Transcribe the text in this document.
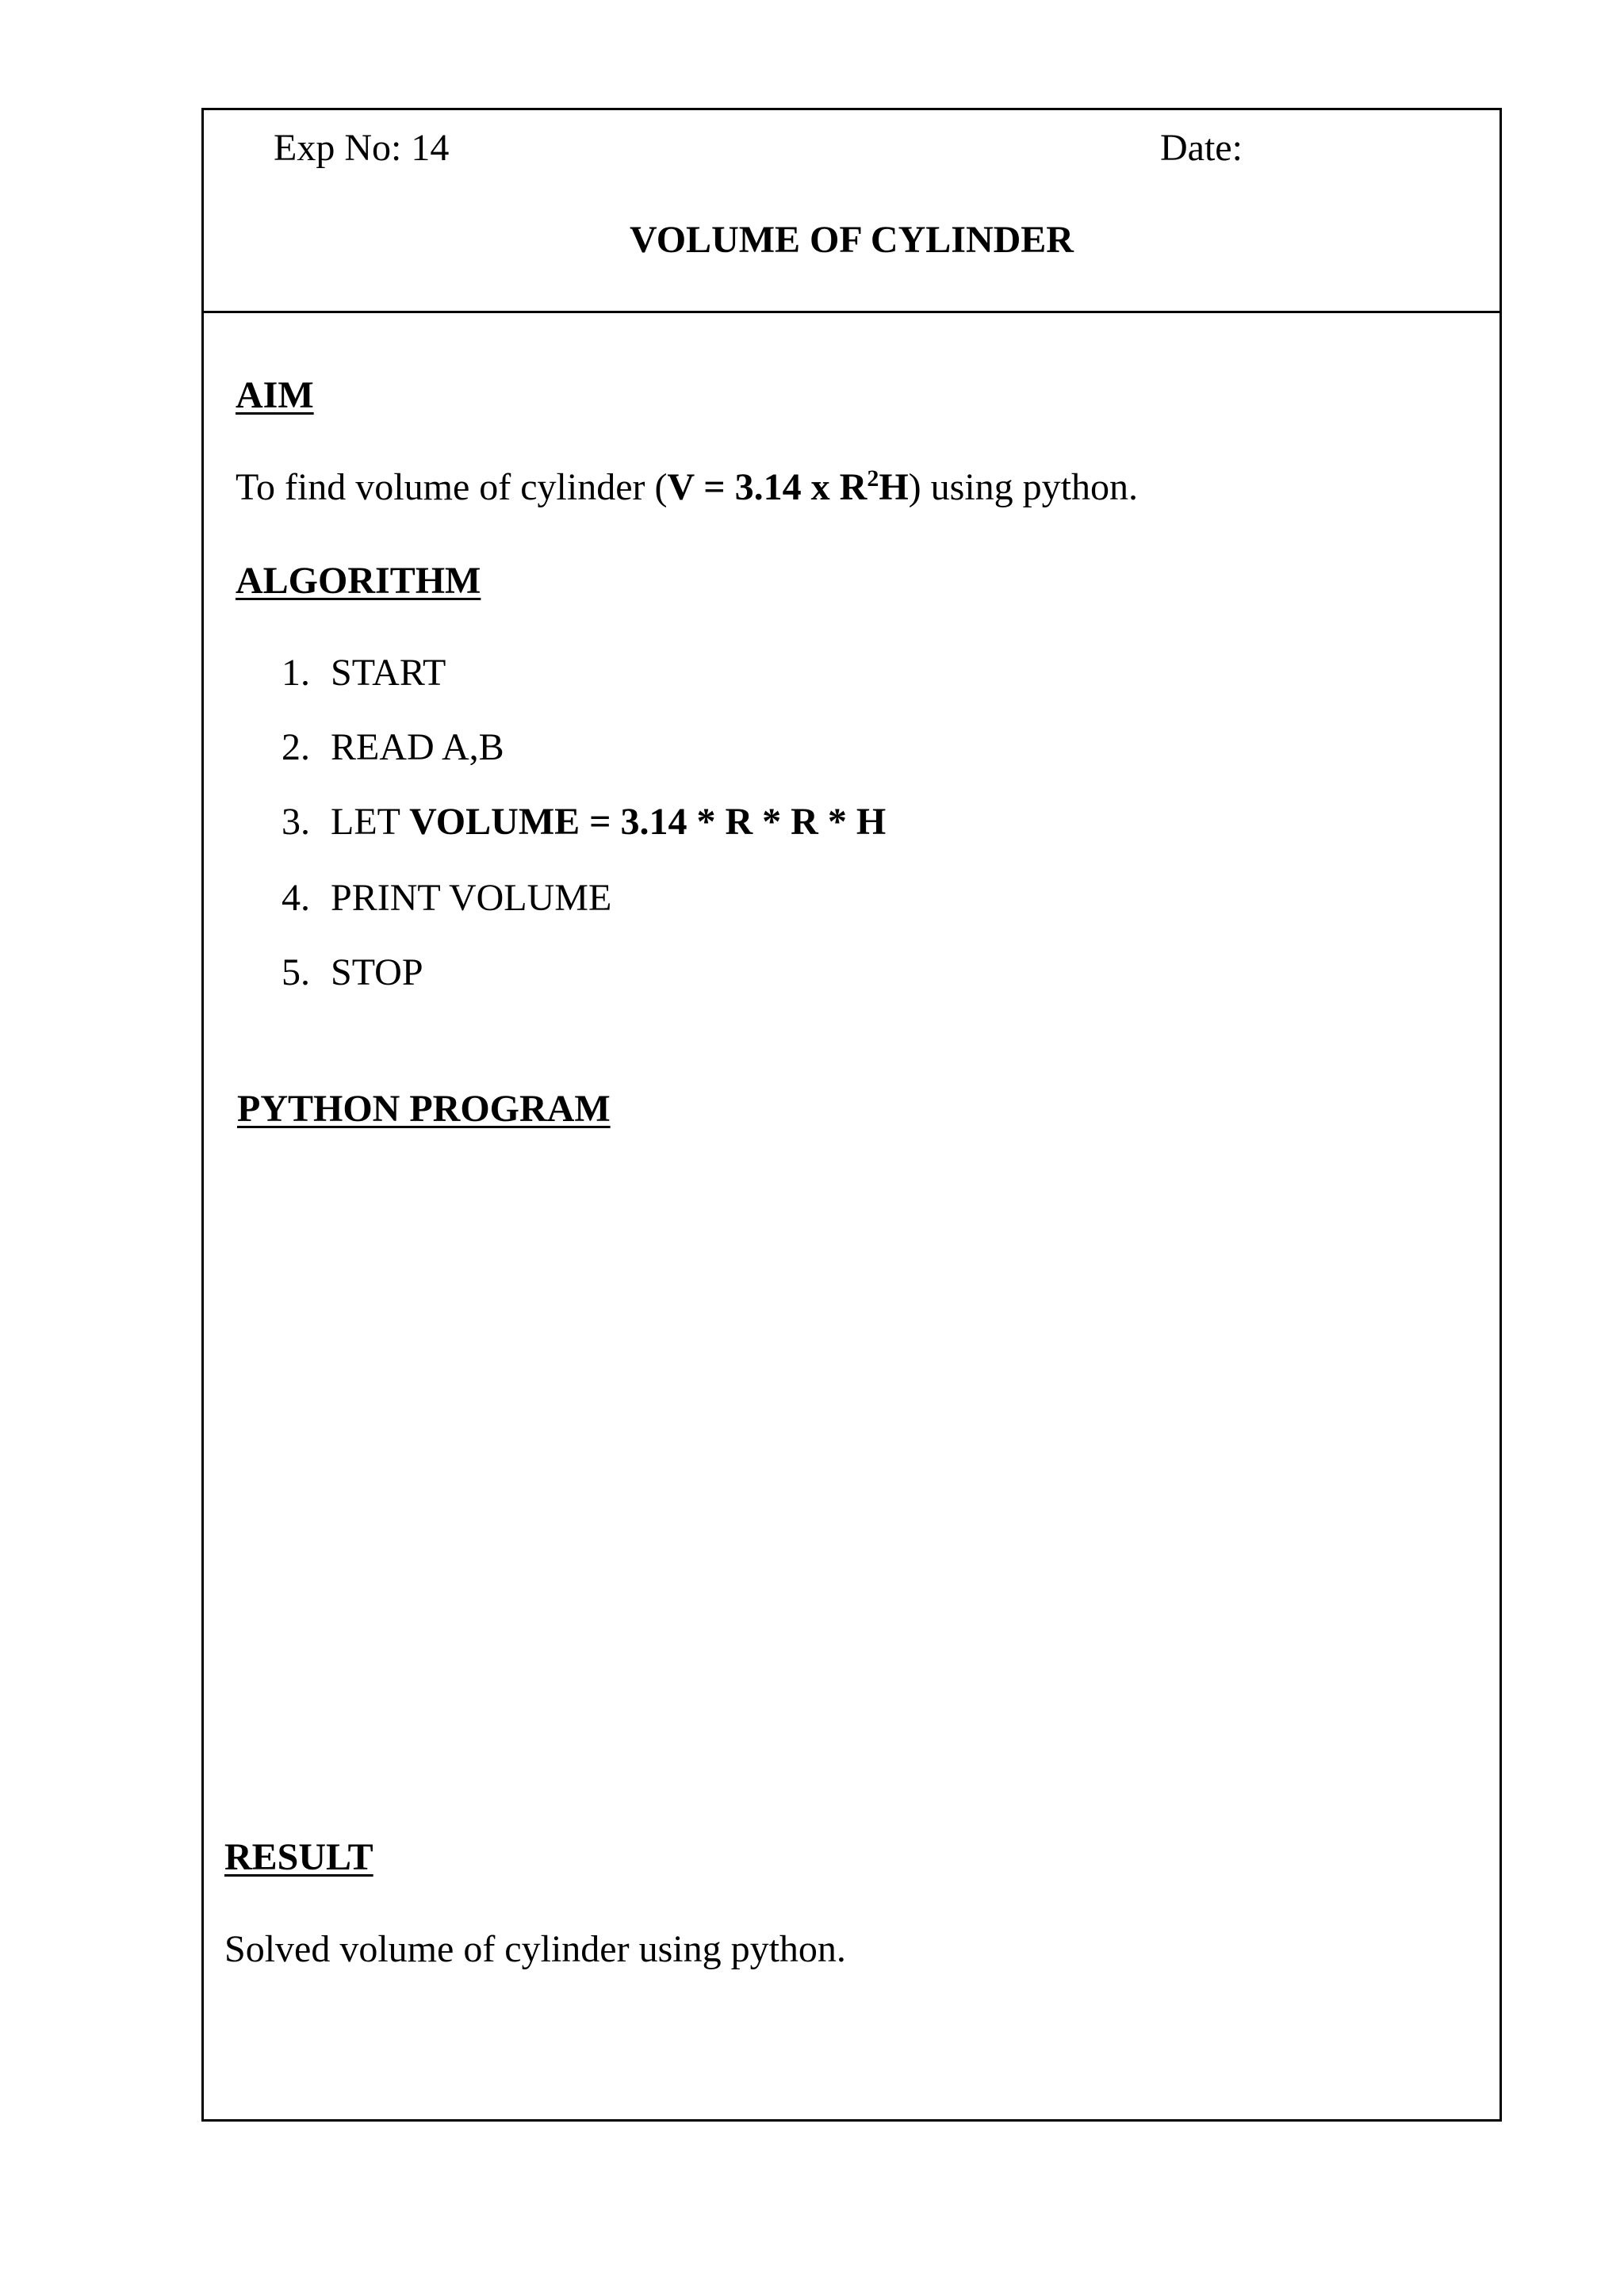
Exp No: 14	Date:
VOLUME OF CYLINDER
AIM
To find volume of cylinder (V = 3.14 x $R^2H$) using python.
ALGORITHM
1. START
2. READ A,B
3. LET VOLUME = 3.14 * R * R * H
4. PRINT VOLUME
5. STOP
PYTHON PROGRAM
RESULT
Solved volume of cylinder using python.
